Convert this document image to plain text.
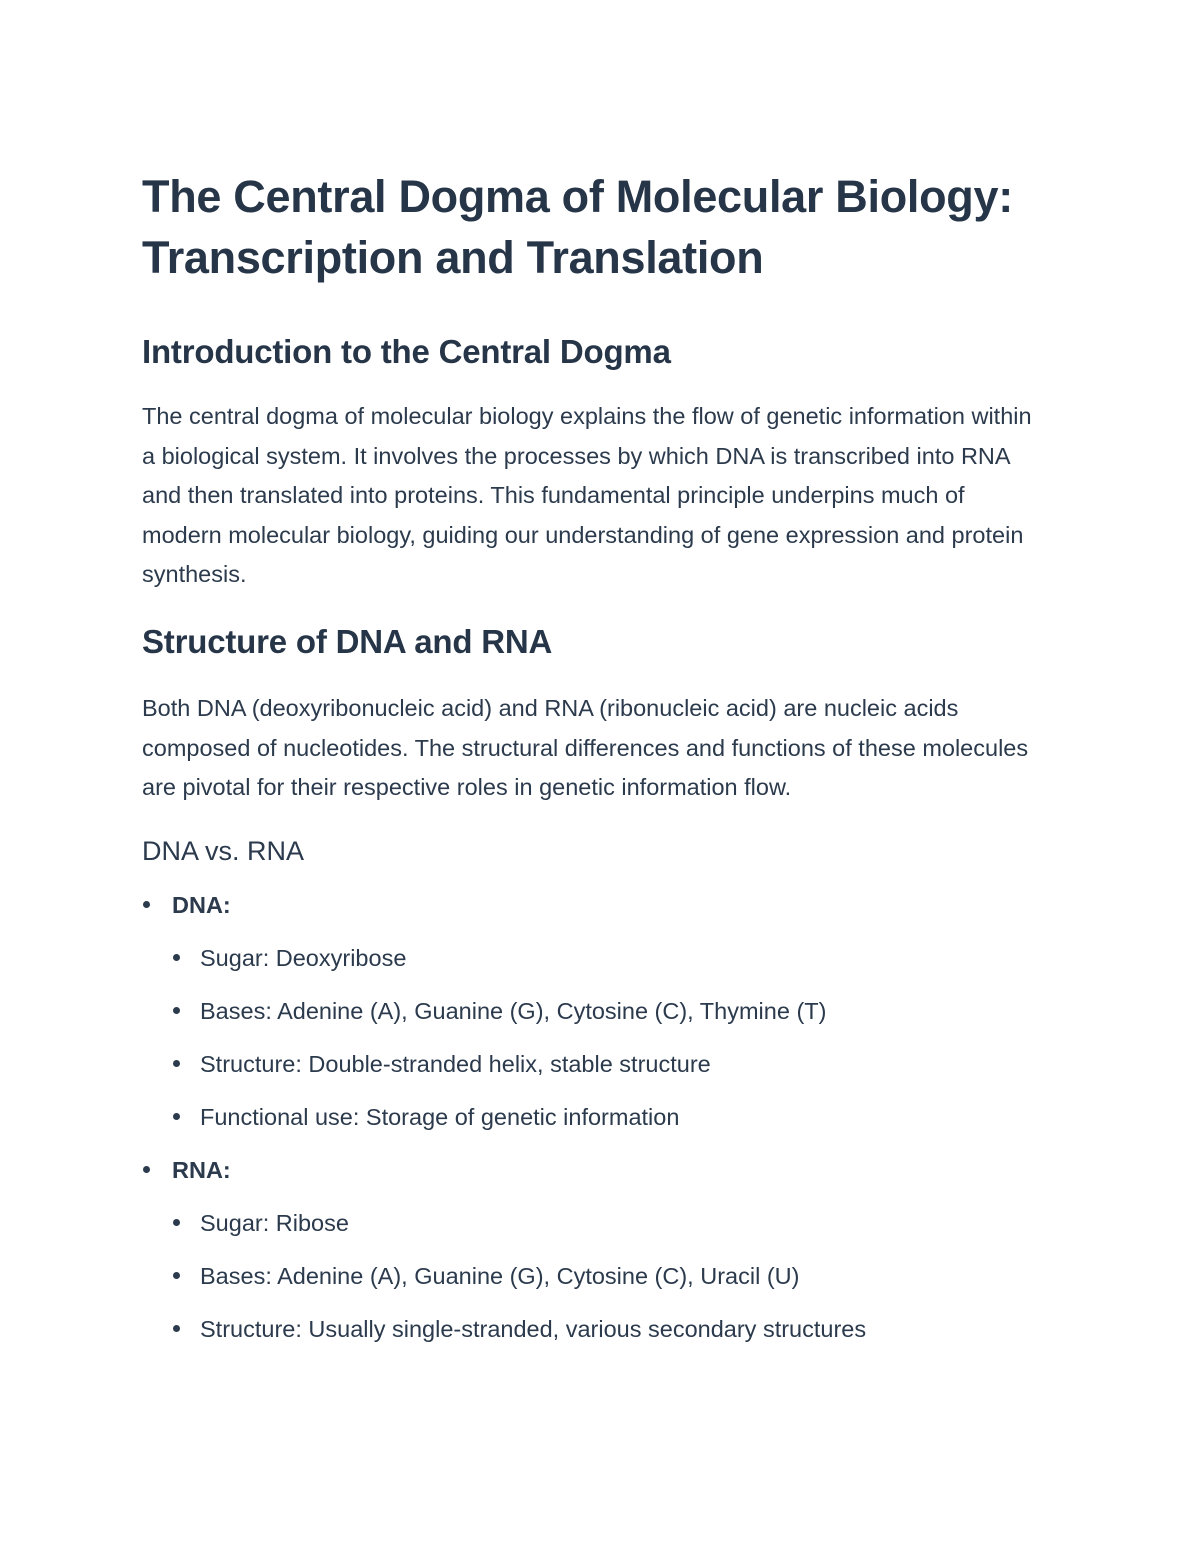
The Central Dogma of Molecular Biology: Transcription and Translation
Introduction to the Central Dogma

The central dogma of molecular biology explains the flow of genetic information within a biological system. It involves the processes by which DNA is transcribed into RNA and then translated into proteins. This fundamental principle underpins much of modern molecular biology, guiding our understanding of gene expression and protein synthesis.

Structure of DNA and RNA

Both DNA (deoxyribonucleic acid) and RNA (ribonucleic acid) are nucleic acids composed of nucleotides. The structural differences and functions of these molecules are pivotal for their respective roles in genetic information flow.

DNA vs. RNA
DNA:
Sugar: Deoxyribose
Bases: Adenine (A), Guanine (G), Cytosine (C), Thymine (T)
Structure: Double-stranded helix, stable structure
Functional use: Storage of genetic information
RNA:
Sugar: Ribose
Bases: Adenine (A), Guanine (G), Cytosine (C), Uracil (U)
Structure: Usually single-stranded, various secondary structures
